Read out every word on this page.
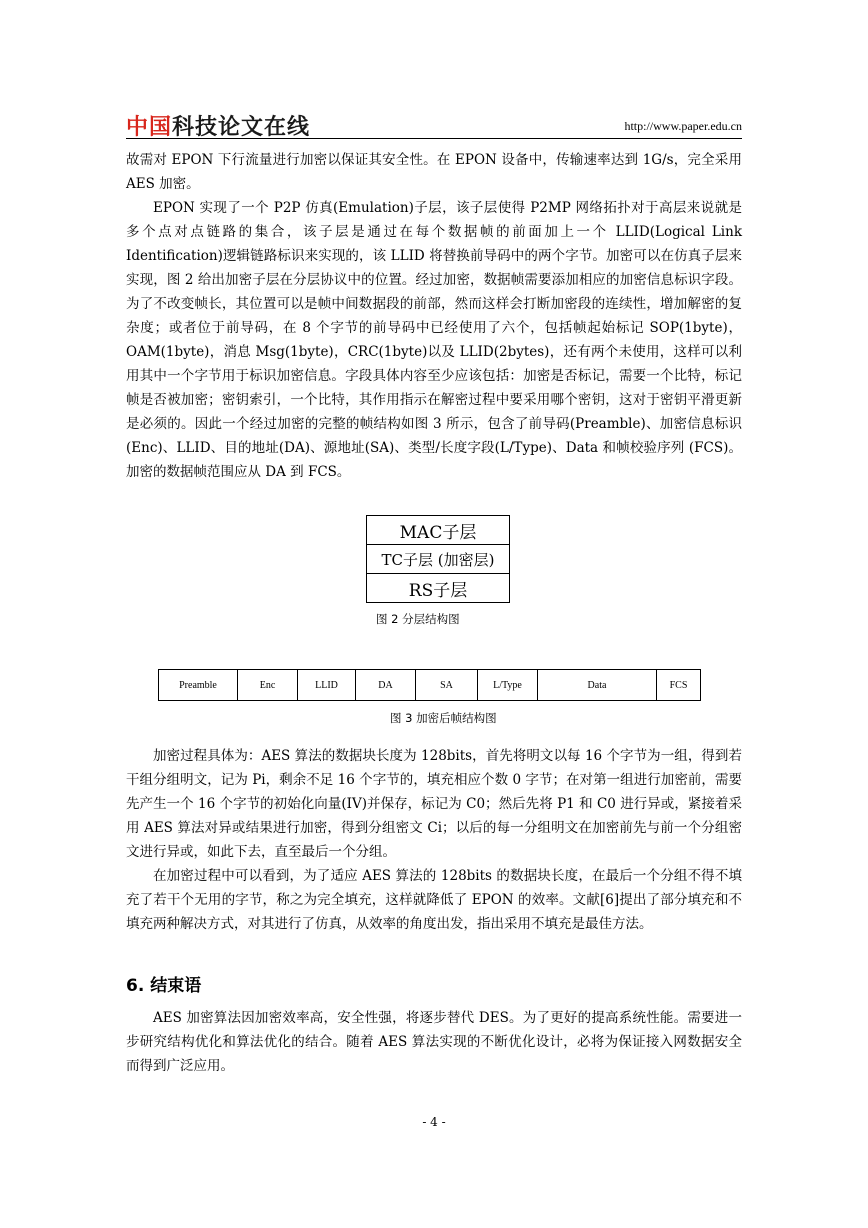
中国科技论文在线	http://www.paper.edu.cn

故需对 EPON 下行流量进行加密以保证其安全性。在 EPON 设备中，传输速率达到 1G/s，完全采用 AES 加密。

EPON 实现了一个 P2P 仿真(Emulation)子层，该子层使得 P2MP 网络拓扑对于高层来说就是多个点对点链路的集合，该子层是通过在每个数据帧的前面加上一个 LLID(Logical Link Identification)逻辑链路标识来实现的，该 LLID 将替换前导码中的两个字节。加密可以在仿真子层来实现，图 2 给出加密子层在分层协议中的位置。经过加密，数据帧需要添加相应的加密信息标识字段。为了不改变帧长，其位置可以是帧中间数据段的前部，然而这样会打断加密段的连续性，增加解密的复杂度；或者位于前导码，在 8 个字节的前导码中已经使用了六个，包括帧起始标记 SOP(1byte)，OAM(1byte)，消息 Msg(1byte)，CRC(1byte)以及 LLID(2bytes)，还有两个未使用，这样可以利用其中一个字节用于标识加密信息。字段具体内容至少应该包括：加密是否标记，需要一个比特，标记帧是否被加密；密钥索引，一个比特，其作用指示在解密过程中要采用哪个密钥，这对于密钥平滑更新是必须的。因此一个经过加密的完整的帧结构如图 3 所示，包含了前导码(Preamble)、加密信息标识(Enc)、LLID、目的地址(DA)、源地址(SA)、类型/长度字段(L/Type)、Data 和帧校验序列 (FCS)。加密的数据帧范围应从 DA 到 FCS。

MAC子层
TC子层 (加密层)
RS子层
图 2 分层结构图
Preamble	Enc	LLID	DA	SA	L/Type	Data	FCS
图 3 加密后帧结构图

加密过程具体为：AES 算法的数据块长度为 128bits，首先将明文以每 16 个字节为一组，得到若干组分组明文，记为 Pi，剩余不足 16 个字节的，填充相应个数 0 字节；在对第一组进行加密前，需要先产生一个 16 个字节的初始化向量(IV)并保存，标记为 C0；然后先将 P1 和 C0 进行异或，紧接着采用 AES 算法对异或结果进行加密，得到分组密文 Ci；以后的每一分组明文在加密前先与前一个分组密文进行异或，如此下去，直至最后一个分组。

在加密过程中可以看到，为了适应 AES 算法的 128bits 的数据块长度，在最后一个分组不得不填充了若干个无用的字节，称之为完全填充，这样就降低了 EPON 的效率。文献[6]提出了部分填充和不填充两种解决方式，对其进行了仿真，从效率的角度出发，指出采用不填充是最佳方法。

6. 结束语

AES 加密算法因加密效率高，安全性强，将逐步替代 DES。为了更好的提高系统性能。需要进一步研究结构优化和算法优化的结合。随着 AES 算法实现的不断优化设计，必将为保证接入网数据安全而得到广泛应用。

- 4 -
